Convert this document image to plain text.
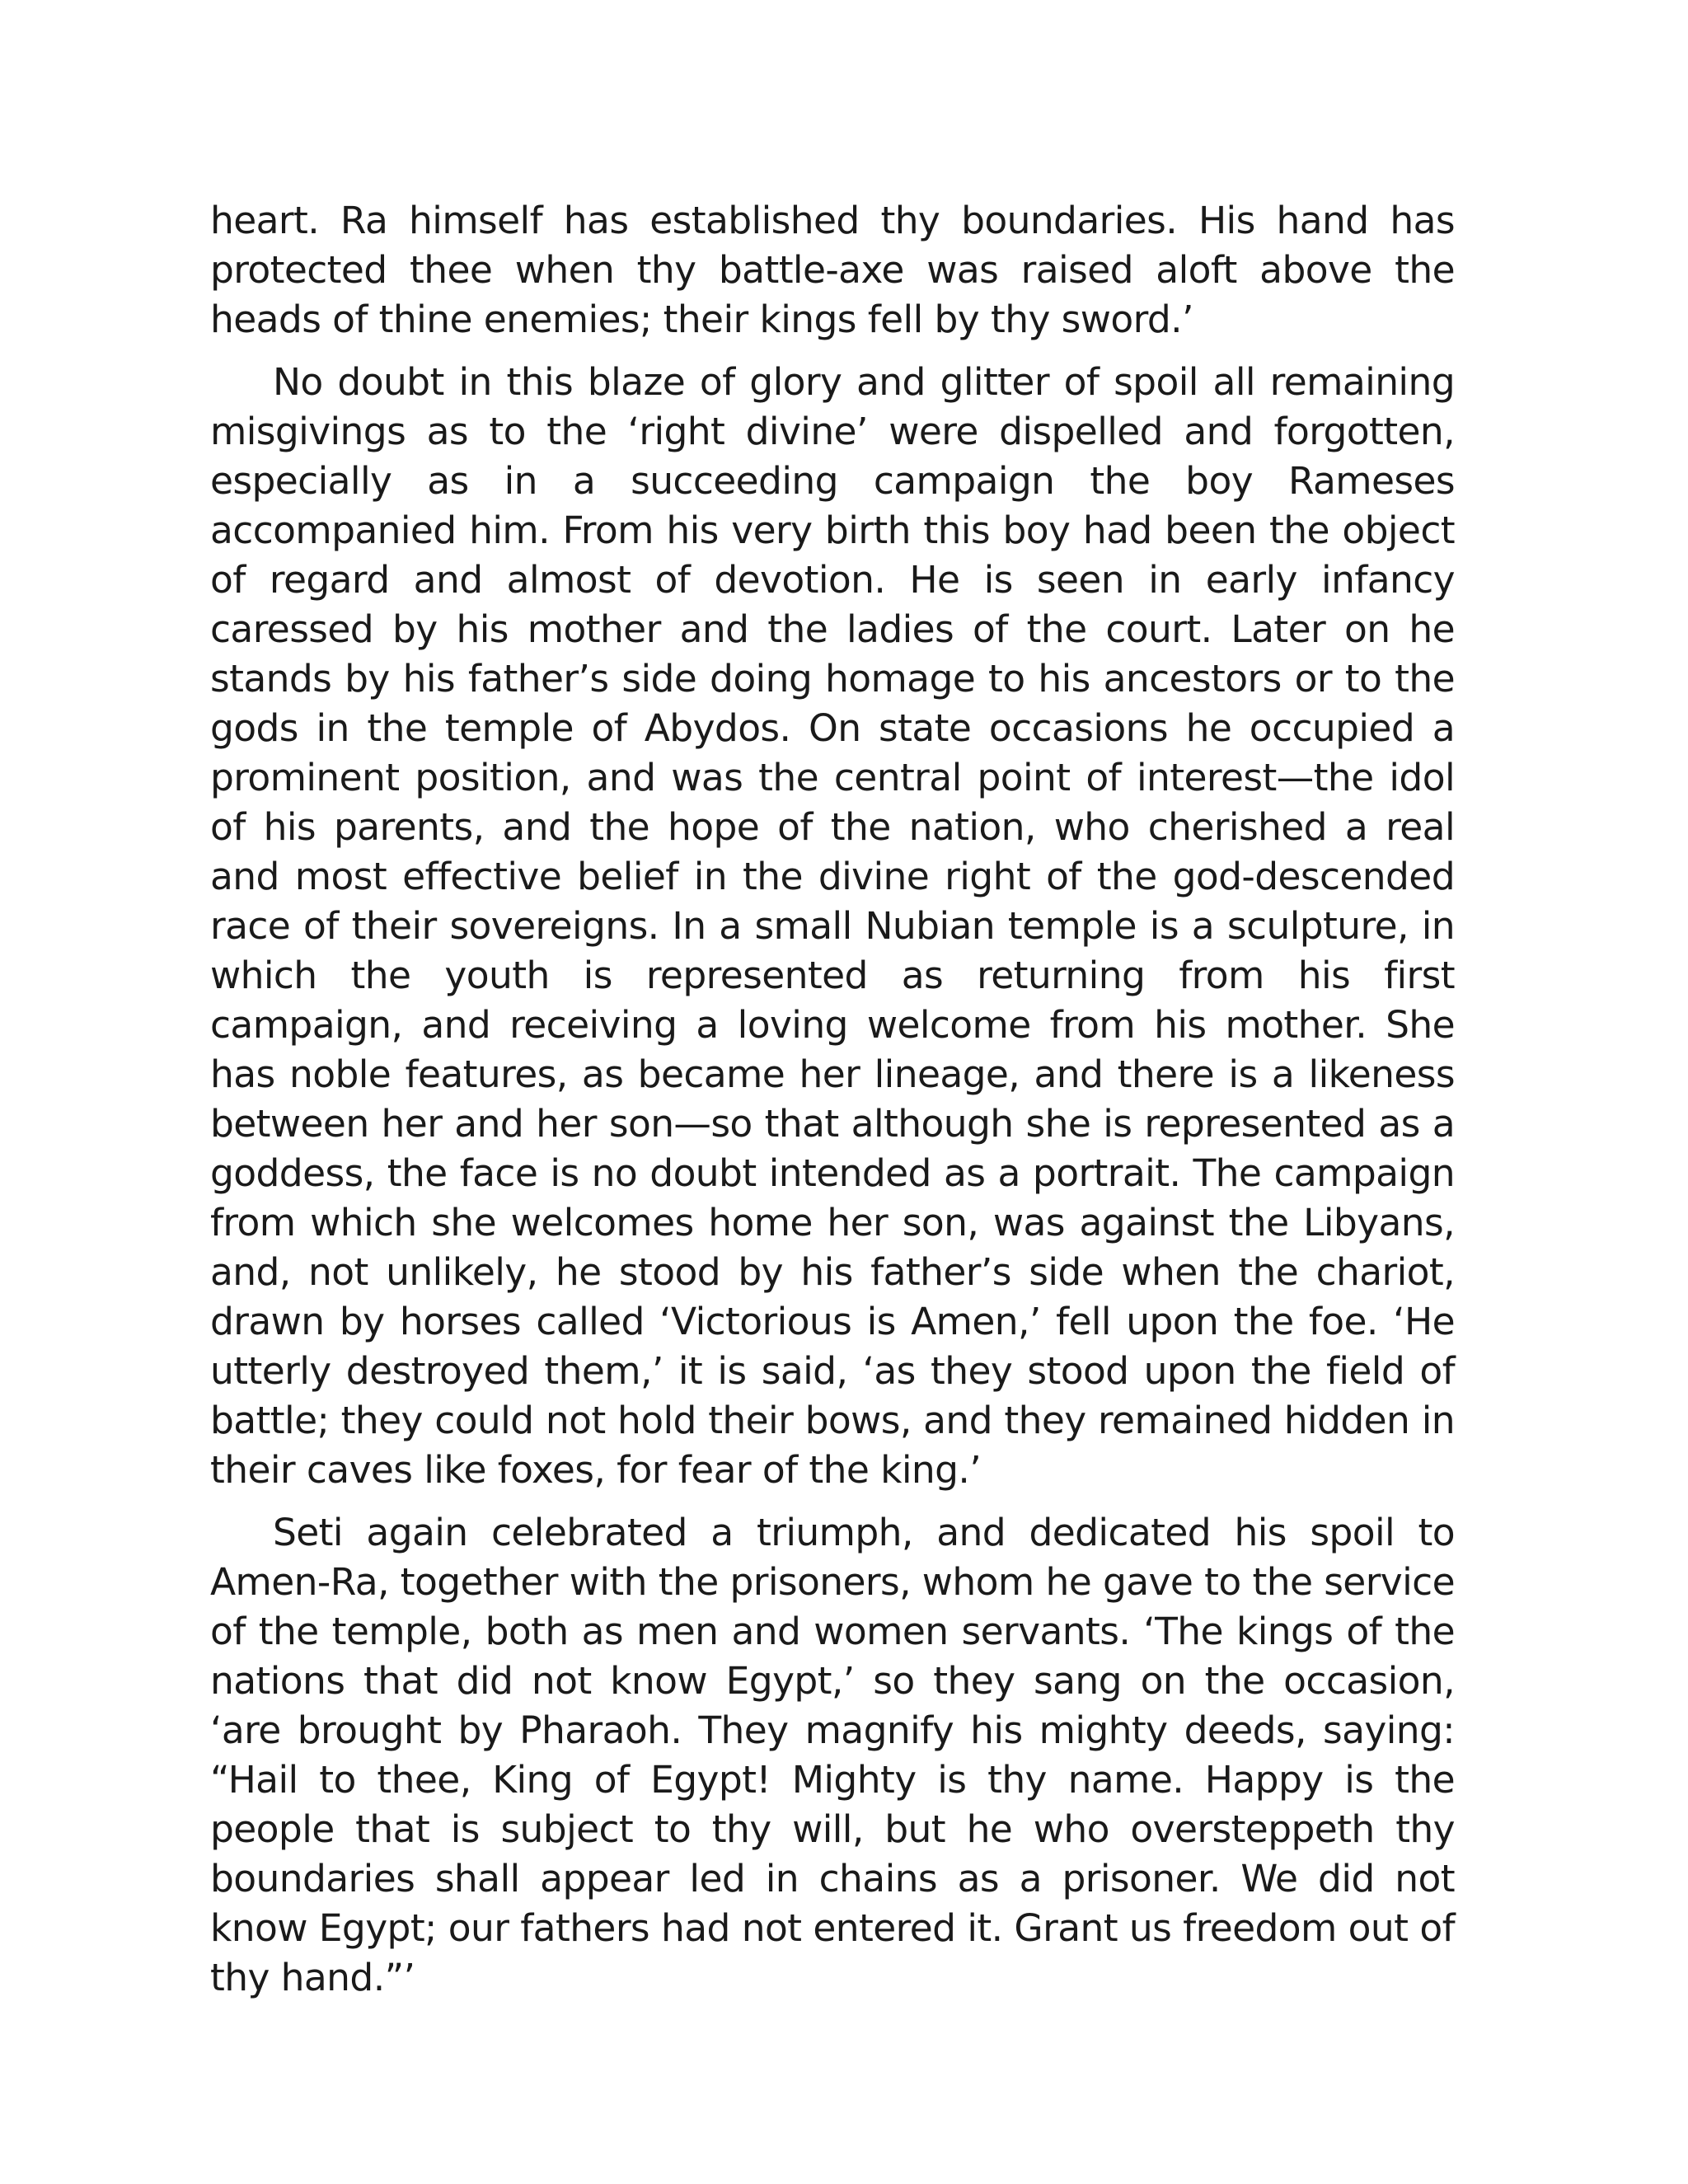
heart. Ra himself has established thy boundaries. His hand has protected thee when thy battle-axe was raised aloft above the heads of thine enemies; their kings fell by thy sword.’

No doubt in this blaze of glory and glitter of spoil all remaining misgivings as to the ‘right divine’ were dispelled and forgotten, especially as in a succeeding campaign the boy Rameses accompanied him. From his very birth this boy had been the object of regard and almost of devotion. He is seen in early infancy caressed by his mother and the ladies of the court. Later on he stands by his father’s side doing homage to his ancestors or to the gods in the temple of Abydos. On state occasions he occupied a prominent position, and was the central point of interest—the idol of his parents, and the hope of the nation, who cherished a real and most effective belief in the divine right of the god-descended race of their sovereigns. In a small Nubian temple is a sculpture, in which the youth is represented as returning from his first campaign, and receiving a loving welcome from his mother. She has noble features, as became her lineage, and there is a likeness between her and her son—so that although she is represented as a goddess, the face is no doubt intended as a portrait. The campaign from which she welcomes home her son, was against the Libyans, and, not unlikely, he stood by his father’s side when the chariot, drawn by horses called ‘Victorious is Amen,’ fell upon the foe. ‘He utterly destroyed them,’ it is said, ‘as they stood upon the field of battle; they could not hold their bows, and they remained hidden in their caves like foxes, for fear of the king.’

Seti again celebrated a triumph, and dedicated his spoil to Amen-Ra, together with the prisoners, whom he gave to the service of the temple, both as men and women servants. ‘The kings of the nations that did not know Egypt,’ so they sang on the occasion, ‘are brought by Pharaoh. They magnify his mighty deeds, saying: “Hail to thee, King of Egypt! Mighty is thy name. Happy is the people that is subject to thy will, but he who oversteppeth thy boundaries shall appear led in chains as a prisoner. We did not know Egypt; our fathers had not entered it. Grant us freedom out of thy hand.”’
